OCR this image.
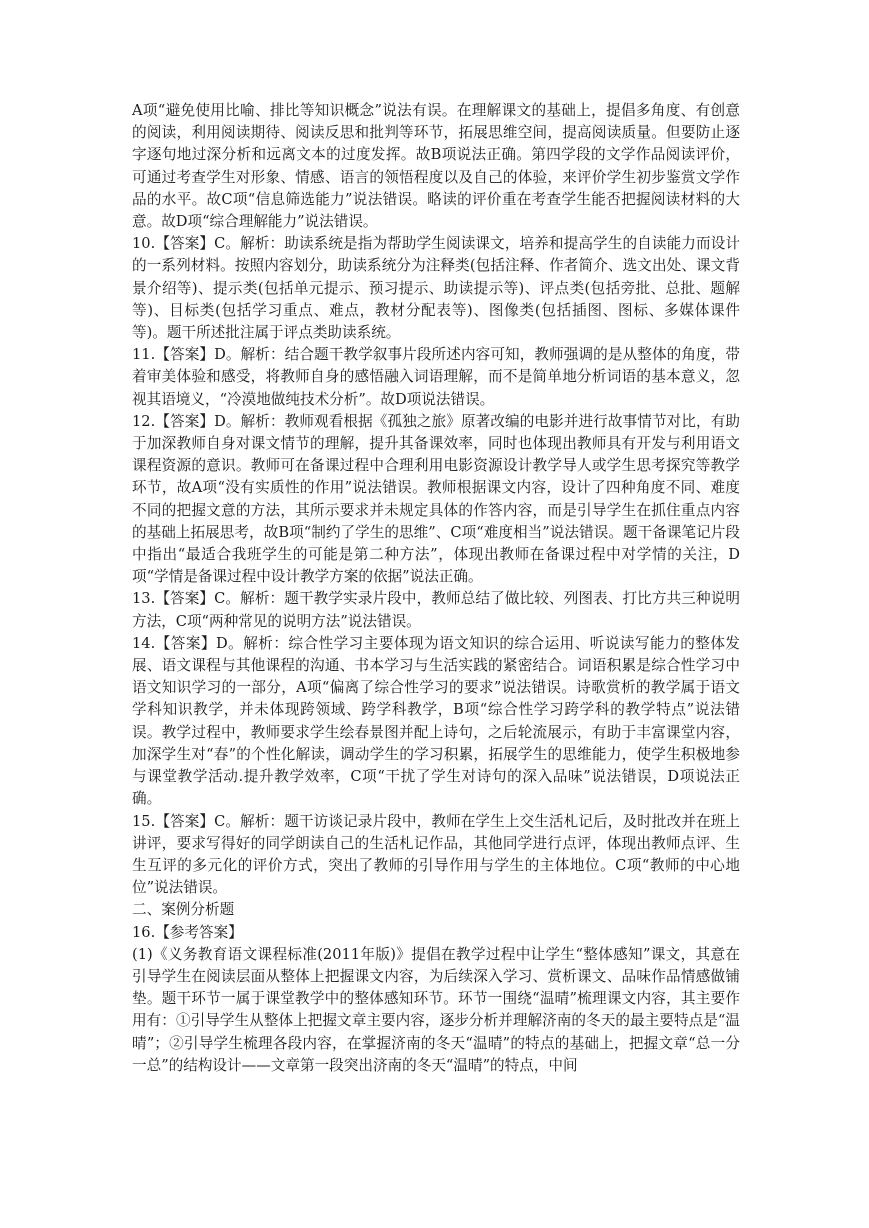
A项“避免使用比喻、排比等知识概念”说法有误。在理解课文的基础上，提倡多角度、有创意的阅读，利用阅读期待、阅读反思和批判等环节，拓展思维空间，提高阅读质量。但要防止逐字逐句地过深分析和远离文本的过度发挥。故B项说法正确。第四学段的文学作品阅读评价，可通过考查学生对形象、情感、语言的领悟程度以及自己的体验，来评价学生初步鉴赏文学作品的水平。故C项“信息筛选能力”说法错误。略读的评价重在考查学生能否把握阅读材料的大意。故D项“综合理解能力”说法错误。

10.【答案】C。解析：助读系统是指为帮助学生阅读课文，培养和提高学生的自读能力而设计的一系列材料。按照内容划分，助读系统分为注释类(包括注释、作者简介、选文出处、课文背景介绍等)、提示类(包括单元提示、预习提示、助读提示等)、评点类(包括旁批、总批、题解等)、目标类(包括学习重点、难点，教材分配表等)、图像类(包括插图、图标、多媒体课件等)。题干所述批注属于评点类助读系统。

11.【答案】D。解析：结合题干教学叙事片段所述内容可知，教师强调的是从整体的角度，带着审美体验和感受，将教师自身的感悟融入词语理解，而不是简单地分析词语的基本意义，忽视其语境义，“冷漠地做纯技术分析”。故D项说法错误。

12.【答案】D。解析：教师观看根据《孤独之旅》原著改编的电影并进行故事情节对比，有助于加深教师自身对课文情节的理解，提升其备课效率，同时也体现出教师具有开发与利用语文课程资源的意识。教师可在备课过程中合理利用电影资源设计教学导人或学生思考探究等教学环节，故A项“没有实质性的作用”说法错误。教师根据课文内容，设计了四种角度不同、难度不同的把握文意的方法，其所示要求并未规定具体的作答内容，而是引导学生在抓住重点内容的基础上拓展思考，故B项“制约了学生的思维”、C项“难度相当”说法错误。题干备课笔记片段中指出“最适合我班学生的可能是第二种方法”，体现出教师在备课过程中对学情的关注，D项“学情是备课过程中设计教学方案的依据”说法正确。

13.【答案】C。解析：题干教学实录片段中，教师总结了做比较、列图表、打比方共三种说明方法，C项“两种常见的说明方法”说法错误。

14.【答案】D。解析：综合性学习主要体现为语文知识的综合运用、听说读写能力的整体发展、语文课程与其他课程的沟通、书本学习与生活实践的紧密结合。词语积累是综合性学习中语文知识学习的一部分，A项“偏离了综合性学习的要求”说法错误。诗歌赏析的教学属于语文学科知识教学，并未体现跨领域、跨学科教学，B项“综合性学习跨学科的教学特点”说法错误。教学过程中，教师要求学生绘春景图并配上诗句，之后轮流展示，有助于丰富课堂内容，加深学生对“春”的个性化解读，调动学生的学习积累，拓展学生的思维能力，使学生积极地参与课堂教学活动.提升教学效率，C项“干扰了学生对诗句的深入品味”说法错误，D项说法正确。

15.【答案】C。解析：题干访谈记录片段中，教师在学生上交生活札记后，及时批改并在班上讲评，要求写得好的同学朗读自己的生活札记作品，其他同学进行点评，体现出教师点评、生生互评的多元化的评价方式，突出了教师的引导作用与学生的主体地位。C项“教师的中心地位”说法错误。

二、案例分析题

16.【参考答案】

(1)《义务教育语文课程标准(2011年版)》提倡在教学过程中让学生“整体感知”课文，其意在引导学生在阅读层面从整体上把握课文内容，为后续深入学习、赏析课文、品味作品情感做铺垫。题干环节一属于课堂教学中的整体感知环节。环节一围绕“温晴”梳理课文内容，其主要作用有：①引导学生从整体上把握文章主要内容，逐步分析并理解济南的冬天的最主要特点是“温晴”；②引导学生梳理各段内容，在掌握济南的冬天“温晴”的特点的基础上，把握文章“总一分一总”的结构设计——文章第一段突出济南的冬天“温晴”的特点，中间
